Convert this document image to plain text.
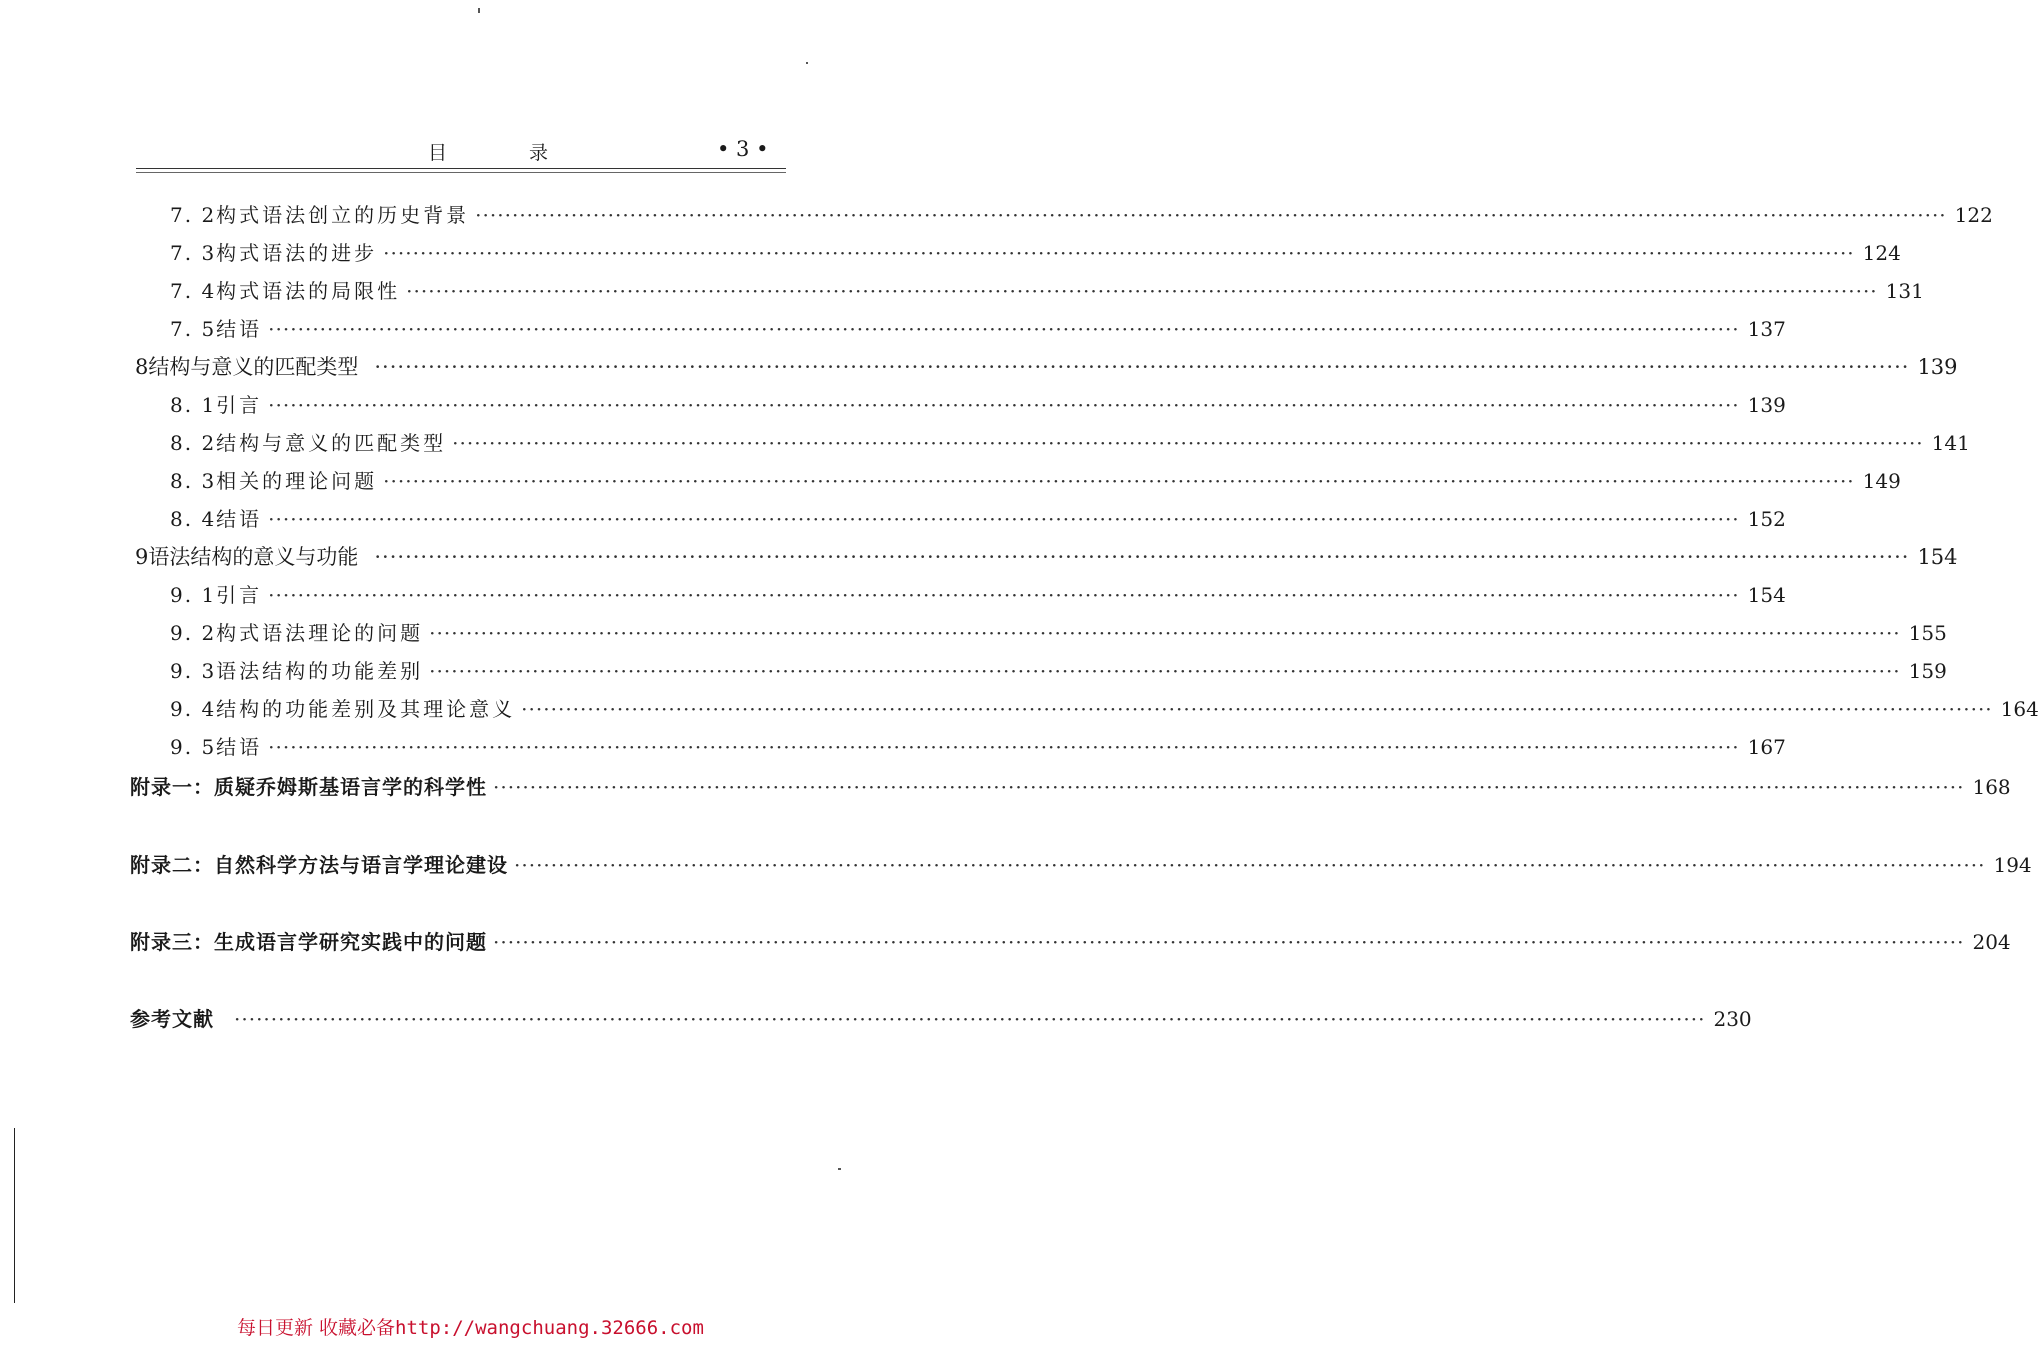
目 录	• 3 •
7. 2 构式语法创立的历史背景 ········································································································································································································ 122
7. 3 构式语法的进步 ········································································································································································································ 124
7. 4 构式语法的局限性 ········································································································································································································ 131
7. 5 结语 ········································································································································································································ 137
8 结构与意义的匹配类型 ········································································································································································································ 139
8. 1 引言 ········································································································································································································ 139
8. 2 结构与意义的匹配类型 ········································································································································································································ 141
8. 3 相关的理论问题 ········································································································································································································ 149
8. 4 结语 ········································································································································································································ 152
9 语法结构的意义与功能 ········································································································································································································ 154
9. 1 引言 ········································································································································································································ 154
9. 2 构式语法理论的问题 ········································································································································································································ 155
9. 3 语法结构的功能差别 ········································································································································································································ 159
9. 4 结构的功能差别及其理论意义 ········································································································································································································ 164
9. 5 结语 ········································································································································································································ 167
附录一：质疑乔姆斯基语言学的科学性 ········································································································································································································ 168
附录二：自然科学方法与语言学理论建设 ········································································································································································································ 194
附录三：生成语言学研究实践中的问题 ········································································································································································································ 204
参考文献 ········································································································································································································ 230
每日更新 收藏必备http://wangchuang.32666.com
